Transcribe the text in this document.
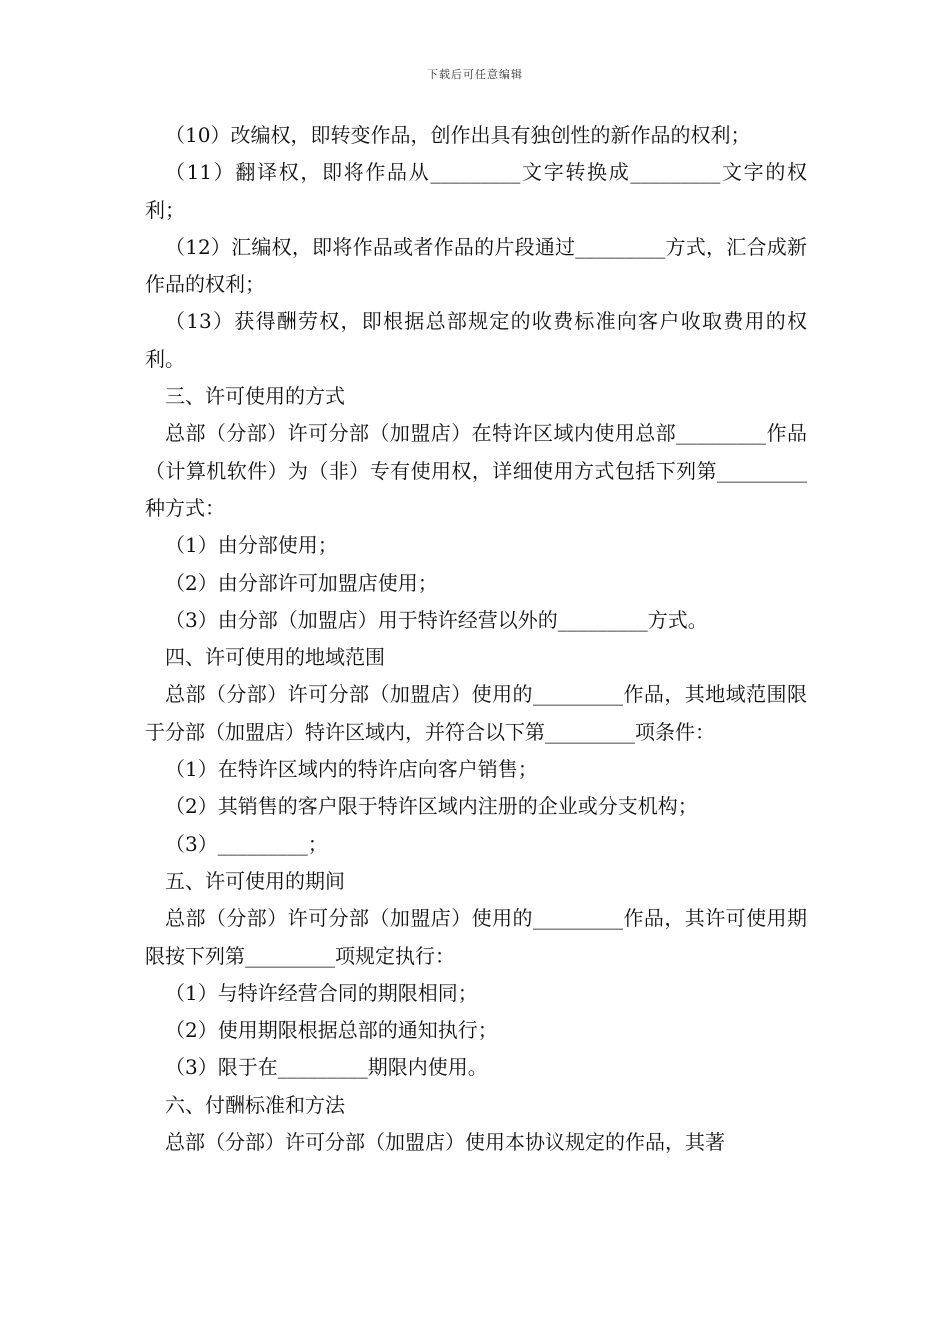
下载后可任意编辑

（10）改编权，即转变作品，创作出具有独创性的新作品的权利；

（11）翻译权，即将作品从_________文字转换成_________文字的权利；

（12）汇编权，即将作品或者作品的片段通过_________方式，汇合成新作品的权利；

（13）获得酬劳权，即根据总部规定的收费标准向客户收取费用的权利。

三、许可使用的方式

总部（分部）许可分部（加盟店）在特许区域内使用总部_________作品（计算机软件）为（非）专有使用权，详细使用方式包括下列第_________种方式：

（1）由分部使用；

（2）由分部许可加盟店使用；

（3）由分部（加盟店）用于特许经营以外的_________方式。

四、许可使用的地域范围

总部（分部）许可分部（加盟店）使用的_________作品，其地域范围限于分部（加盟店）特许区域内，并符合以下第_________项条件：

（1）在特许区域内的特许店向客户销售；

（2）其销售的客户限于特许区域内注册的企业或分支机构；

（3）_________；

五、许可使用的期间

总部（分部）许可分部（加盟店）使用的_________作品，其许可使用期限按下列第_________项规定执行：

（1）与特许经营合同的期限相同；

（2）使用期限根据总部的通知执行；

（3）限于在_________期限内使用。

六、付酬标准和方法

总部（分部）许可分部（加盟店）使用本协议规定的作品，其著
